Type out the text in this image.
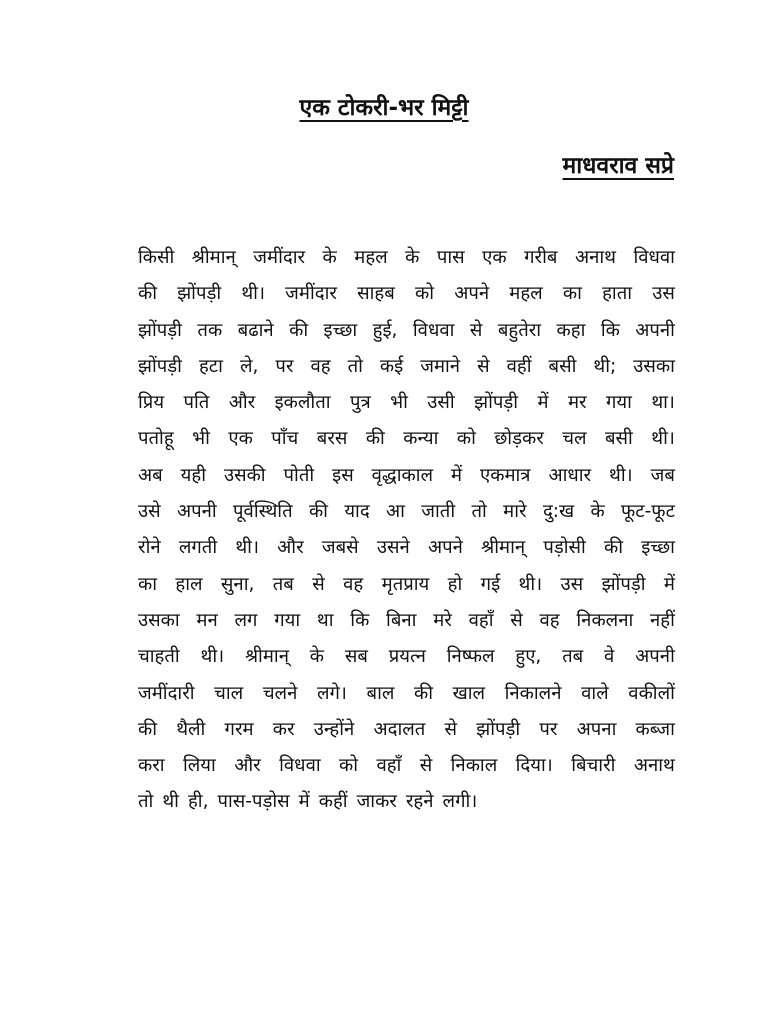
एक टोकरी-भर मिट्टी
माधवराव सप्रे
किसी श्रीमान् जमींदार के महल के पास एक गरीब अनाथ विधवा
की झोंपड़ी थी। जमींदार साहब को अपने महल का हाता उस
झोंपड़ी तक बढाने की इच्छा हुई, विधवा से बहुतेरा कहा कि अपनी
झोंपड़ी हटा ले, पर वह तो कई जमाने से वहीं बसी थी; उसका
प्रिय पति और इकलौता पुत्र भी उसी झोंपड़ी में मर गया था।
पतोहू भी एक पाँच बरस की कन्या को छोड़कर चल बसी थी।
अब यही उसकी पोती इस वृद्धाकाल में एकमात्र आधार थी। जब
उसे अपनी पूर्वस्थिति की याद आ जाती तो मारे दु:ख के फूट-फूट
रोने लगती थी। और जबसे उसने अपने श्रीमान् पड़ोसी की इच्छा
का हाल सुना, तब से वह मृतप्राय हो गई थी। उस झोंपड़ी में
उसका मन लग गया था कि बिना मरे वहाँ से वह निकलना नहीं
चाहती थी। श्रीमान् के सब प्रयत्न निष्फल हुए, तब वे अपनी
जमींदारी चाल चलने लगे। बाल की खाल निकालने वाले वकीलों
की थैली गरम कर उन्होंने अदालत से झोंपड़ी पर अपना कब्जा
करा लिया और विधवा को वहाँ से निकाल दिया। बिचारी अनाथ
तो थी ही, पास-पड़ोस में कहीं जाकर रहने लगी।
